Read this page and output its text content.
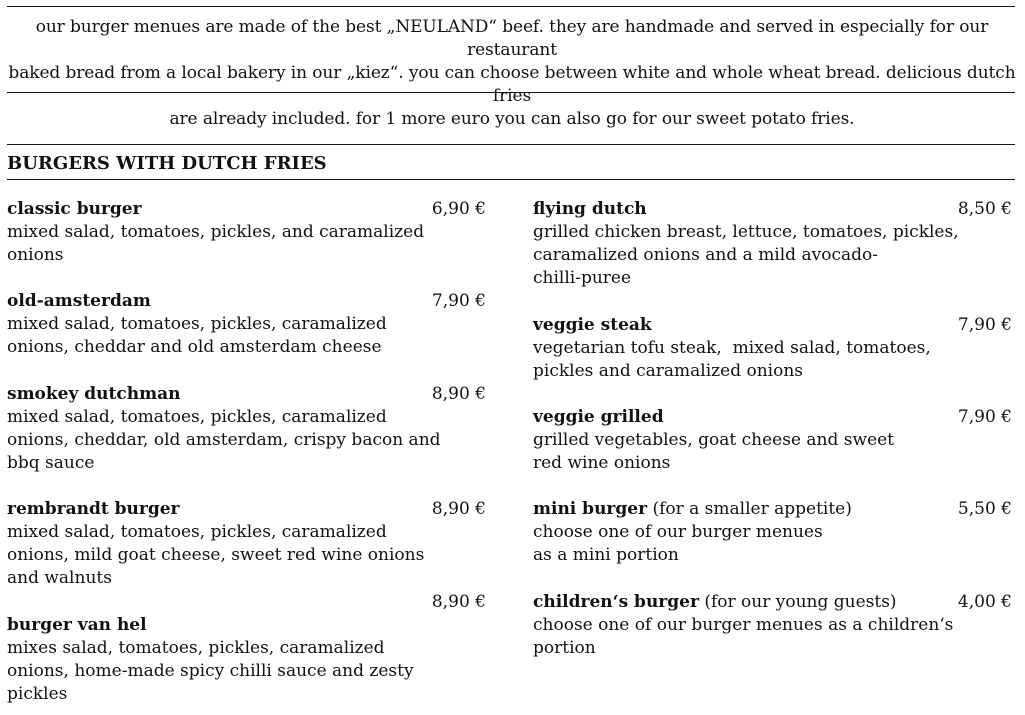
our burger menues are made of the best „NEULAND“ beef. they are handmade and served in especially for our restaurant
baked bread from a local bakery in our „kiez“. you can choose between white and whole wheat bread. delicious dutch fries
are already included. for 1 more euro you can also go for our sweet potato fries.
BURGERS WITH DUTCH FRIES
classic burger
mixed salad, tomatoes, pickles, and caramalized
onions
6,90 €
old-amsterdam
mixed salad, tomatoes, pickles, caramalized
onions, cheddar and old amsterdam cheese
7,90 €
smokey dutchman
mixed salad, tomatoes, pickles, caramalized
onions, cheddar, old amsterdam, crispy bacon and
bbq sauce
8,90 €
rembrandt burger
mixed salad, tomatoes, pickles, caramalized
onions, mild goat cheese, sweet red wine onions
and walnuts
8,90 €
8,90 €
burger van hel
mixes salad, tomatoes, pickles, caramalized
onions, home-made spicy chilli sauce and zesty
pickles
flying dutch
grilled chicken breast, lettuce, tomatoes, pickles,
caramalized onions and a mild avocado-
chilli-puree
8,50 €
veggie steak
vegetarian tofu steak,  mixed salad, tomatoes,
pickles and caramalized onions
7,90 €
veggie grilled
grilled vegetables, goat cheese and sweet
red wine onions
7,90 €
mini burger (for a smaller appetite)
choose one of our burger menues
as a mini portion
5,50 €
children‘s burger (for our young guests)
choose one of our burger menues as a children‘s
portion
4,00 €
